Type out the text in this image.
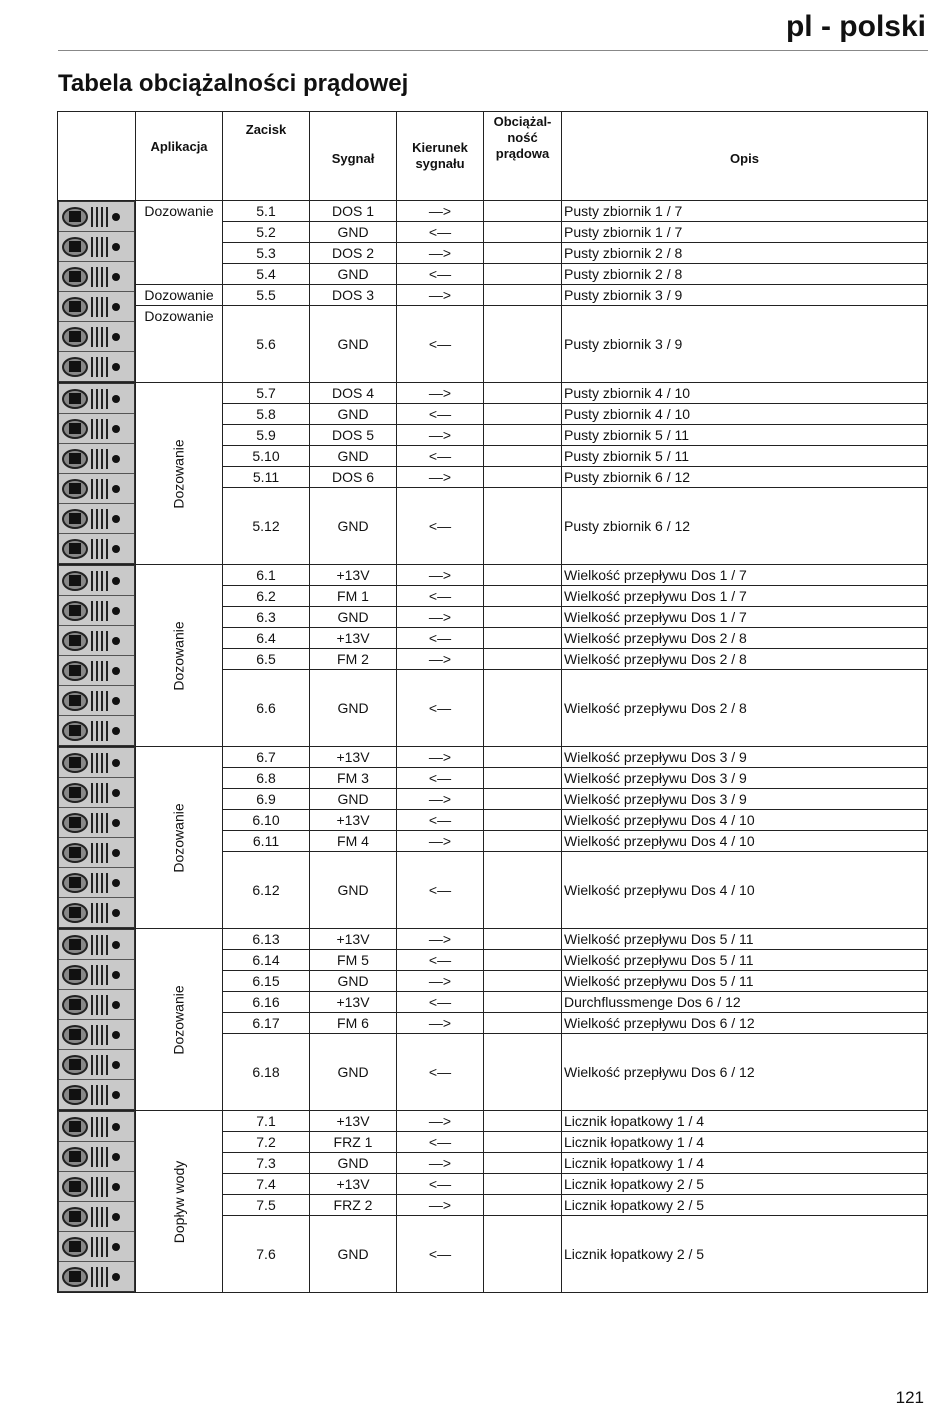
pl - polski
Tabela obciążalności prądowej
	Aplikacja	Zacisk	Sygnał	Kierunek sygnału	Obciążal- ność prądowa	Opis

	Dozowanie	5.1	DOS 1	—>		Pusty zbiornik 1 / 7
		5.2	GND	<—		Pusty zbiornik 1 / 7
		5.3	DOS 2	—>		Pusty zbiornik 2 / 8
		5.4	GND	<—		Pusty zbiornik 2 / 8
	Dozowanie	5.5	DOS 3	—>		Pusty zbiornik 3 / 9
	Dozowanie	5.6	GND	<—		Pusty zbiornik 3 / 9

	Dozowanie	5.7	DOS 4	—>		Pusty zbiornik 4 / 10
		5.8	GND	<—		Pusty zbiornik 4 / 10
		5.9	DOS 5	—>		Pusty zbiornik 5 / 11
		5.10	GND	<—		Pusty zbiornik 5 / 11
		5.11	DOS 6	—>		Pusty zbiornik 6 / 12
		5.12	GND	<—		Pusty zbiornik 6 / 12

	Dozowanie	6.1	+13V	—>		Wielkość przepływu Dos 1 / 7
		6.2	FM 1	<—		Wielkość przepływu Dos 1 / 7
		6.3	GND	—>		Wielkość przepływu Dos 1 / 7
		6.4	+13V	<—		Wielkość przepływu Dos 2 / 8
		6.5	FM 2	—>		Wielkość przepływu Dos 2 / 8
		6.6	GND	<—		Wielkość przepływu Dos 2 / 8

	Dozowanie	6.7	+13V	—>		Wielkość przepływu Dos 3 / 9
		6.8	FM 3	<—		Wielkość przepływu Dos 3 / 9
		6.9	GND	—>		Wielkość przepływu Dos 3 / 9
		6.10	+13V	<—		Wielkość przepływu Dos 4 / 10
		6.11	FM 4	—>		Wielkość przepływu Dos 4 / 10
		6.12	GND	<—		Wielkość przepływu Dos 4 / 10

	Dozowanie	6.13	+13V	—>		Wielkość przepływu Dos 5 / 11
		6.14	FM 5	<—		Wielkość przepływu Dos 5 / 11
		6.15	GND	—>		Wielkość przepływu Dos 5 / 11
		6.16	+13V	<—		Durchflussmenge Dos 6 / 12
		6.17	FM 6	—>		Wielkość przepływu Dos 6 / 12
		6.18	GND	<—		Wielkość przepływu Dos 6 / 12

	Dopływ wody	7.1	+13V	—>		Licznik łopatkowy 1 / 4
		7.2	FRZ 1	<—		Licznik łopatkowy 1 / 4
		7.3	GND	—>		Licznik łopatkowy 1 / 4
		7.4	+13V	<—		Licznik łopatkowy 2 / 5
		7.5	FRZ 2	—>		Licznik łopatkowy 2 / 5
		7.6	GND	<—		Licznik łopatkowy 2 / 5
121
